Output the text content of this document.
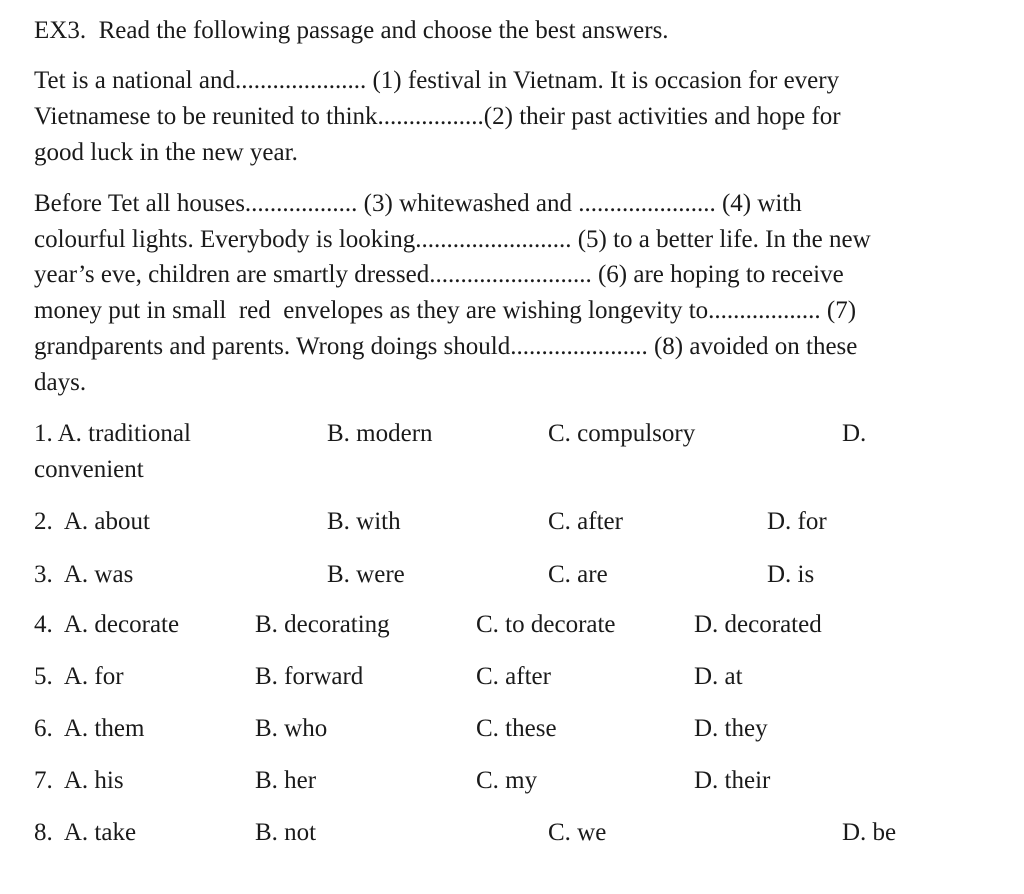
EX3.  Read the following passage and choose the best answers.
Tet is a national and..................... (1) festival in Vietnam. It is occasion for every
Vietnamese to be reunited to think.................(2) their past activities and hope for
good luck in the new year.
Before Tet all houses.................. (3) whitewashed and ...................... (4) with
colourful lights. Everybody is looking......................... (5) to a better life. In the new
year’s eve, children are smartly dressed.......................... (6) are hoping to receive
money put in small  red  envelopes as they are wishing longevity to.................. (7)
grandparents and parents. Wrong doings should...................... (8) avoided on these
days.
1. A. traditional	B. modern	C. compulsory	D.
convenient
2.  A. about	B. with	C. after	D. for
3.  A. was	B. were	C. are	D. is
4.  A. decorate	B. decorating	C. to decorate	D. decorated
5.  A. for	B. forward	C. after	D. at
6.  A. them	B. who	C. these	D. they
7.  A. his	B. her	C. my	D. their
8.  A. take	B. not	C. we	D. be
